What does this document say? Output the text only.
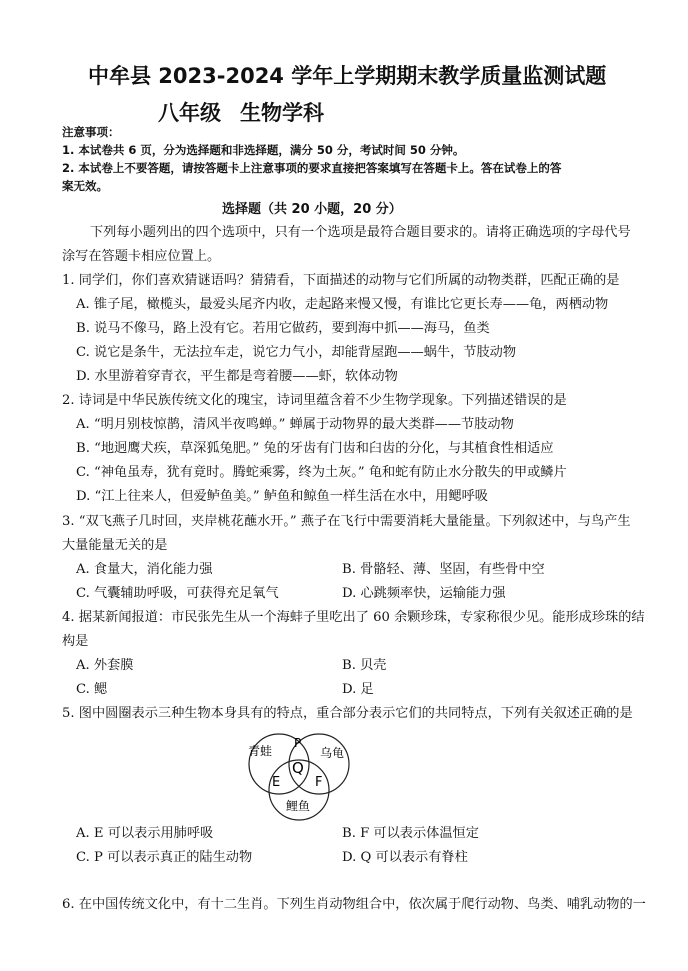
中牟县 2023-2024 学年上学期期末教学质量监测试题
八年级 生物学科
注意事项：
1. 本试卷共 6 页，分为选择题和非选择题，满分 50 分，考试时间 50 分钟。
2. 本试卷上不要答题，请按答题卡上注意事项的要求直接把答案填写在答题卡上。答在试卷上的答
案无效。
选择题（共 20 小题，20 分）
下列每小题列出的四个选项中，只有一个选项是最符合题目要求的。请将正确选项的字母代号
涂写在答题卡相应位置上。
1. 同学们，你们喜欢猜谜语吗？猜猜看，下面描述的动物与它们所属的动物类群，匹配正确的是
A. 锥子尾，橄榄头，最爱头尾齐内收，走起路来慢又慢，有谁比它更长寿——龟，两栖动物
B. 说马不像马，路上没有它。若用它做药，要到海中抓——海马，鱼类
C. 说它是条牛，无法拉车走，说它力气小，却能背屋跑——蜗牛，节肢动物
D. 水里游着穿青衣，平生都是弯着腰——虾，软体动物
2. 诗词是中华民族传统文化的瑰宝，诗词里蕴含着不少生物学现象。下列描述错误的是
A. “明月别枝惊鹊，清风半夜鸣蝉。” 蝉属于动物界的最大类群——节肢动物
B. “地迥鹰犬疾，草深狐兔肥。” 兔的牙齿有门齿和臼齿的分化，与其植食性相适应
C. “神龟虽寿，犹有竟时。腾蛇乘雾，终为土灰。” 龟和蛇有防止水分散失的甲或鳞片
D. “江上往来人，但爱鲈鱼美。” 鲈鱼和鲸鱼一样生活在水中，用鳃呼吸
3. “双飞燕子几时回，夹岸桃花蘸水开。” 燕子在飞行中需要消耗大量能量。下列叙述中，与鸟产生
大量能量无关的是
A. 食量大，消化能力强	B. 骨骼轻、薄、坚固，有些骨中空
C. 气囊辅助呼吸，可获得充足氧气	D. 心跳频率快，运输能力强
4. 据某新闻报道：市民张先生从一个海蚌子里吃出了 60 余颗珍珠，专家称很少见。能形成珍珠的结
构是
A. 外套膜	B. 贝壳
C. 鳃	D. 足
5. 图中圆圈表示三种生物本身具有的特点，重合部分表示它们的共同特点，下列有关叙述正确的是
青蛙	乌龟
鲤鱼
P
Q
E	F
A. E 可以表示用肺呼吸	B. F 可以表示体温恒定
C. P 可以表示真正的陆生动物	D. Q 可以表示有脊柱
6. 在中国传统文化中，有十二生肖。下列生肖动物组合中，依次属于爬行动物、鸟类、哺乳动物的一
